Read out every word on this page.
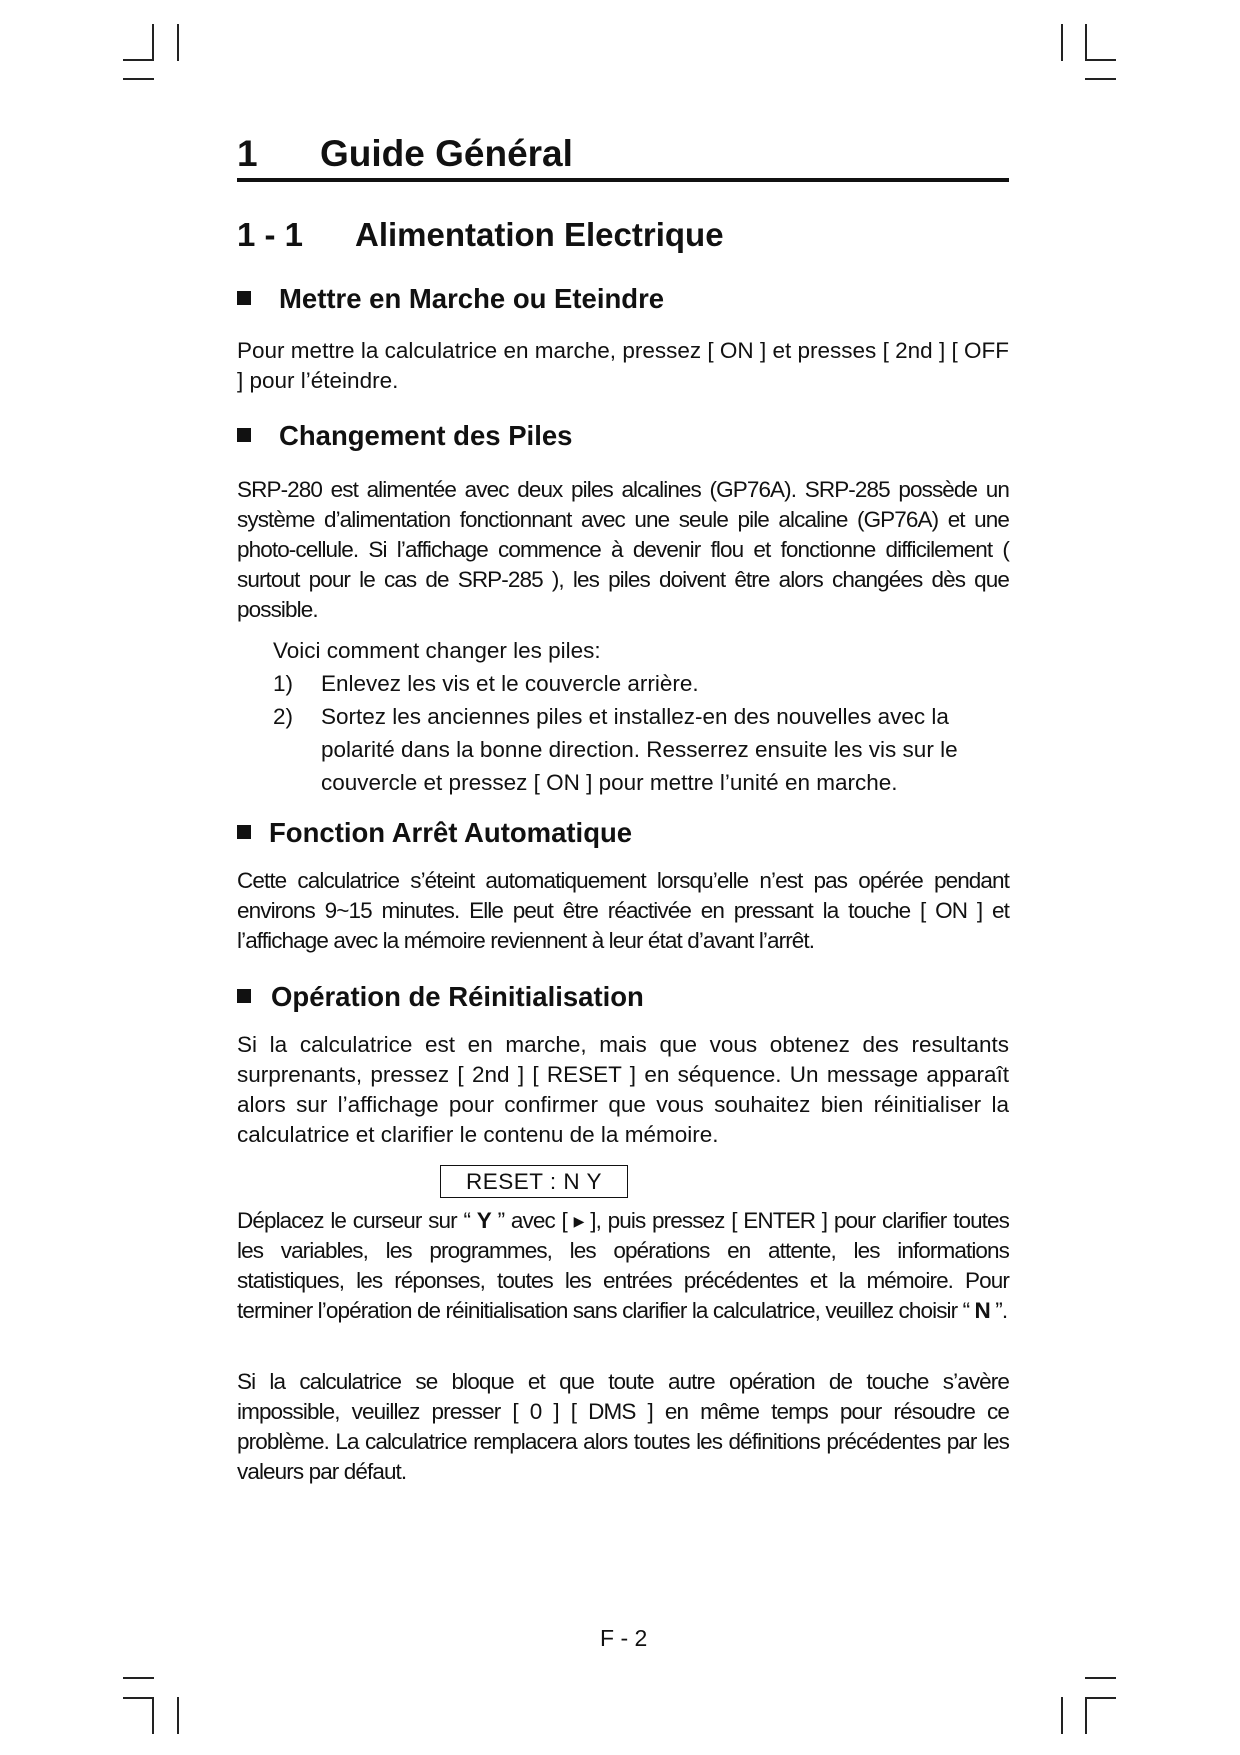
1 Guide Général
1 - 1 Alimentation Electrique
Mettre en Marche ou Eteindre
Pour mettre la calculatrice en marche, pressez [ ON ] et presses [ 2nd ] [ OFF ] pour l’éteindre.
Changement des Piles
SRP-280 est alimentée avec deux piles alcalines (GP76A). SRP-285 possède un système d’alimentation fonctionnant avec une seule pile alcaline (GP76A) et une photo-cellule. Si l’affichage commence à devenir flou et fonctionne difficilement ( surtout pour le cas de SRP-285 ), les piles doivent être alors changées dès que possible.
Voici comment changer les piles:
1) Enlevez les vis et le couvercle arrière.
2) Sortez les anciennes piles et installez-en des nouvelles avec la polarité dans la bonne direction. Resserrez ensuite les vis sur le couvercle et pressez [ ON ] pour mettre l’unité en marche.
Fonction Arrêt Automatique
Cette calculatrice s’éteint automatiquement lorsqu’elle n’est pas opérée pendant environs 9~15 minutes. Elle peut être réactivée en pressant la touche [ ON ] et l’affichage avec la mémoire reviennent à leur état d’avant l’arrêt.
Opération de Réinitialisation
Si la calculatrice est en marche, mais que vous obtenez des resultants surprenants, pressez [ 2nd ] [ RESET ] en séquence. Un message apparaît alors sur l’affichage pour confirmer que vous souhaitez bien réinitialiser la calculatrice et clarifier le contenu de la mémoire.
RESET : N Y
Déplacez le curseur sur “ Y ” avec [ ▶ ], puis pressez [ ENTER ] pour clarifier toutes les variables, les programmes, les opérations en attente, les informations statistiques, les réponses, toutes les entrées précédentes et la mémoire. Pour terminer l’opération de réinitialisation sans clarifier la calculatrice, veuillez choisir “ N ”.
Si la calculatrice se bloque et que toute autre opération de touche s’avère impossible, veuillez presser [ 0 ] [ DMS ] en même temps pour résoudre ce problème. La calculatrice remplacera alors toutes les définitions précédentes par les valeurs par défaut.
F - 2
